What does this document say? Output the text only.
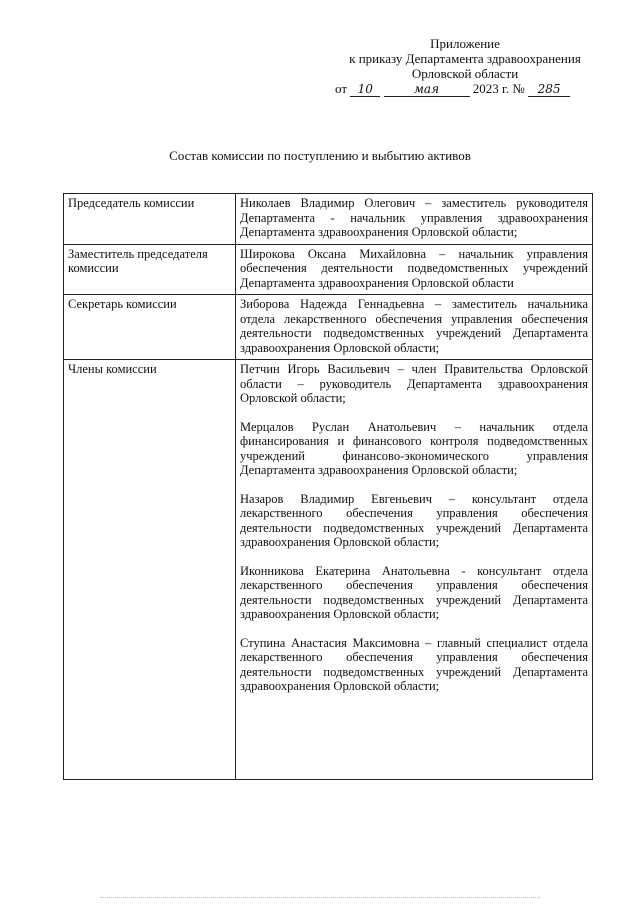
Приложение
к приказу Департамента здравоохранения
Орловской области
от 10	мая	2023 г. № 285
Состав комиссии по поступлению и выбытию активов
Председатель комиссии	Николаев Владимир Олегович – заместитель руководителя Департамента - начальник управления здравоохранения Департамента здравоохранения Орловской области;

Заместитель председателя комиссии	Широкова Оксана Михайловна – начальник управления обеспечения деятельности подведомственных учреждений Департамента здравоохранения Орловской области

Секретарь комиссии	Зиборова Надежда Геннадьевна – заместитель начальника отдела лекарственного обеспечения управления обеспечения деятельности подведомственных учреждений Департамента здравоохранения Орловской области;

Члены комиссии	Петчин Игорь Васильевич – член Правительства Орловской области – руководитель Департамента здравоохранения Орловской области;
Мерцалов Руслан Анатольевич – начальник отдела финансирования и финансового контроля подведомственных учреждений финансово-экономического управления Департамента здравоохранения Орловской области;
Назаров Владимир Евгеньевич – консультант отдела лекарственного обеспечения управления обеспечения деятельности подведомственных учреждений Департамента здравоохранения Орловской области;
Иконникова Екатерина Анатольевна - консультант отдела лекарственного обеспечения управления обеспечения деятельности подведомственных учреждений Департамента здравоохранения Орловской области;
Ступина Анастасия Максимовна – главный специалист отдела лекарственного обеспечения управления обеспечения деятельности подведомственных учреждений Департамента здравоохранения Орловской области;
